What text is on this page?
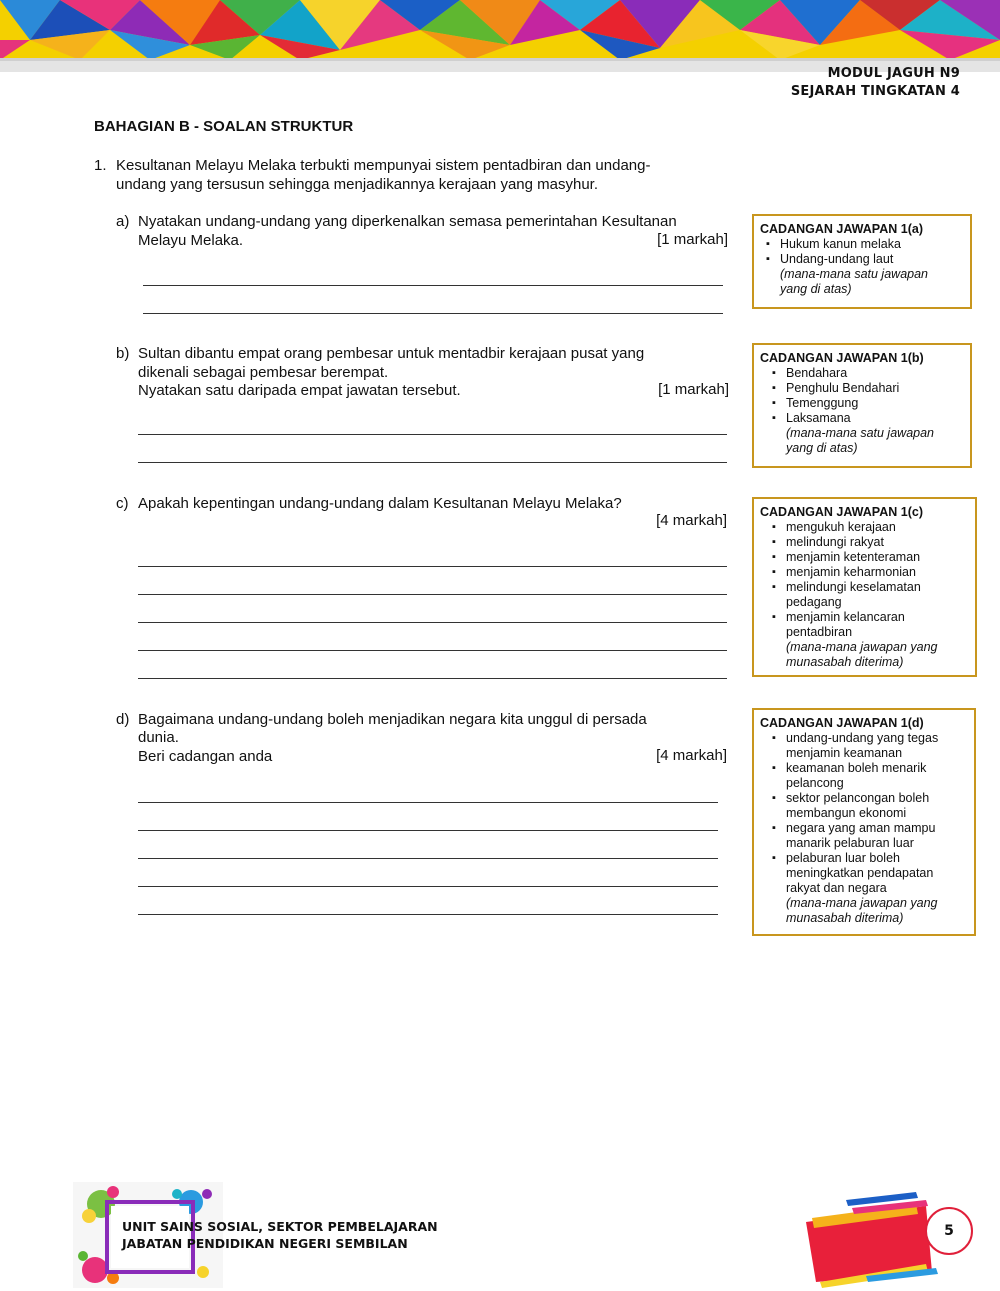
MODUL JAGUH N9
SEJARAH TINGKATAN 4
BAHAGIAN B - SOALAN STRUKTUR
1. Kesultanan Melayu Melaka terbukti mempunyai sistem pentadbiran dan undang-
undang yang tersusun sehingga menjadikannya kerajaan yang masyhur.
a) Nyatakan undang-undang yang diperkenalkan semasa pemerintahan Kesultanan
Melayu Melaka.	[1 markah]
CADANGAN JAWAPAN 1(a)
▪ Hukum kanun melaka
▪ Undang-undang laut
(mana-mana satu jawapan
yang di atas)
b) Sultan dibantu empat orang pembesar untuk mentadbir kerajaan pusat yang
dikenali sebagai pembesar berempat.
Nyatakan satu daripada empat jawatan tersebut.	[1 markah]
CADANGAN JAWAPAN 1(b)
▪ Bendahara
▪ Penghulu Bendahari
▪ Temenggung
▪ Laksamana
(mana-mana satu jawapan
yang di atas)
c) Apakah kepentingan undang-undang dalam Kesultanan Melayu Melaka?
[4 markah]	CADANGAN JAWAPAN 1(c)
▪ mengukuh kerajaan
▪ melindungi rakyat
▪ menjamin ketenteraman
▪ menjamin keharmonian
▪ melindungi keselamatan pedagang
▪ menjamin kelancaran pentadbiran
(mana-mana jawapan yang
munasabah diterima)
d) Bagaimana undang-undang boleh menjadikan negara kita unggul di persada
dunia.
Beri cadangan anda	[4 markah]
CADANGAN JAWAPAN 1(d)
▪ undang-undang yang tegas menjamin keamanan
▪ keamanan boleh menarik pelancong
▪ sektor pelancongan boleh membangun ekonomi
▪ negara yang aman mampu manarik pelaburan luar
▪ pelaburan luar boleh meningkatkan pendapatan rakyat dan negara
(mana-mana jawapan yang
munasabah diterima)
UNIT SAINS SOSIAL, SEKTOR PEMBELAJARAN
JABATAN PENDIDIKAN NEGERI SEMBILAN
5
